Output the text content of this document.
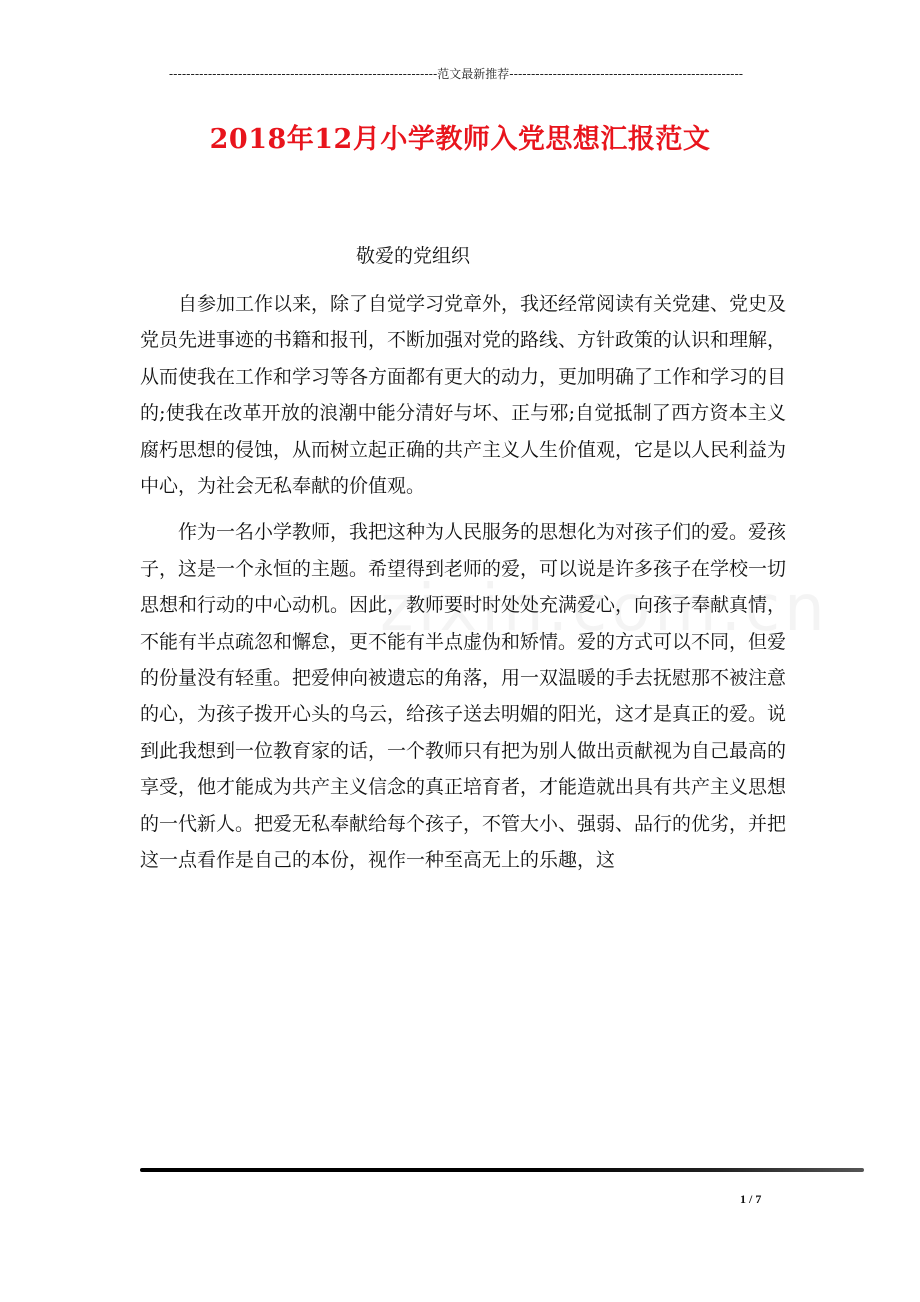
--------------------------------------------------------------范文最新推荐------------------------------------------------------
2018年12月小学教师入党思想汇报范文
敬爱的党组织

自参加工作以来，除了自觉学习党章外，我还经常阅读有关党建、党史及党员先进事迹的书籍和报刊，不断加强对党的路线、方针政策的认识和理解，从而使我在工作和学习等各方面都有更大的动力，更加明确了工作和学习的目的;使我在改革开放的浪潮中能分清好与坏、正与邪;自觉抵制了西方资本主义腐朽思想的侵蚀，从而树立起正确的共产主义人生价值观，它是以人民利益为中心，为社会无私奉献的价值观。

作为一名小学教师，我把这种为人民服务的思想化为对孩子们的爱。爱孩子，这是一个永恒的主题。希望得到老师的爱，可以说是许多孩子在学校一切思想和行动的中心动机。因此，教师要时时处处充满爱心，向孩子奉献真情，不能有半点疏忽和懈怠，更不能有半点虚伪和矫情。爱的方式可以不同，但爱的份量没有轻重。把爱伸向被遗忘的角落，用一双温暖的手去抚慰那不被注意的心，为孩子拨开心头的乌云，给孩子送去明媚的阳光，这才是真正的爱。说到此我想到一位教育家的话，一个教师只有把为别人做出贡献视为自己最高的享受，他才能成为共产主义信念的真正培育者，才能造就出具有共产主义思想的一代新人。把爱无私奉献给每个孩子，不管大小、强弱、品行的优劣，并把这一点看作是自己的本份，视作一种至高无上的乐趣，这

1 / 7
